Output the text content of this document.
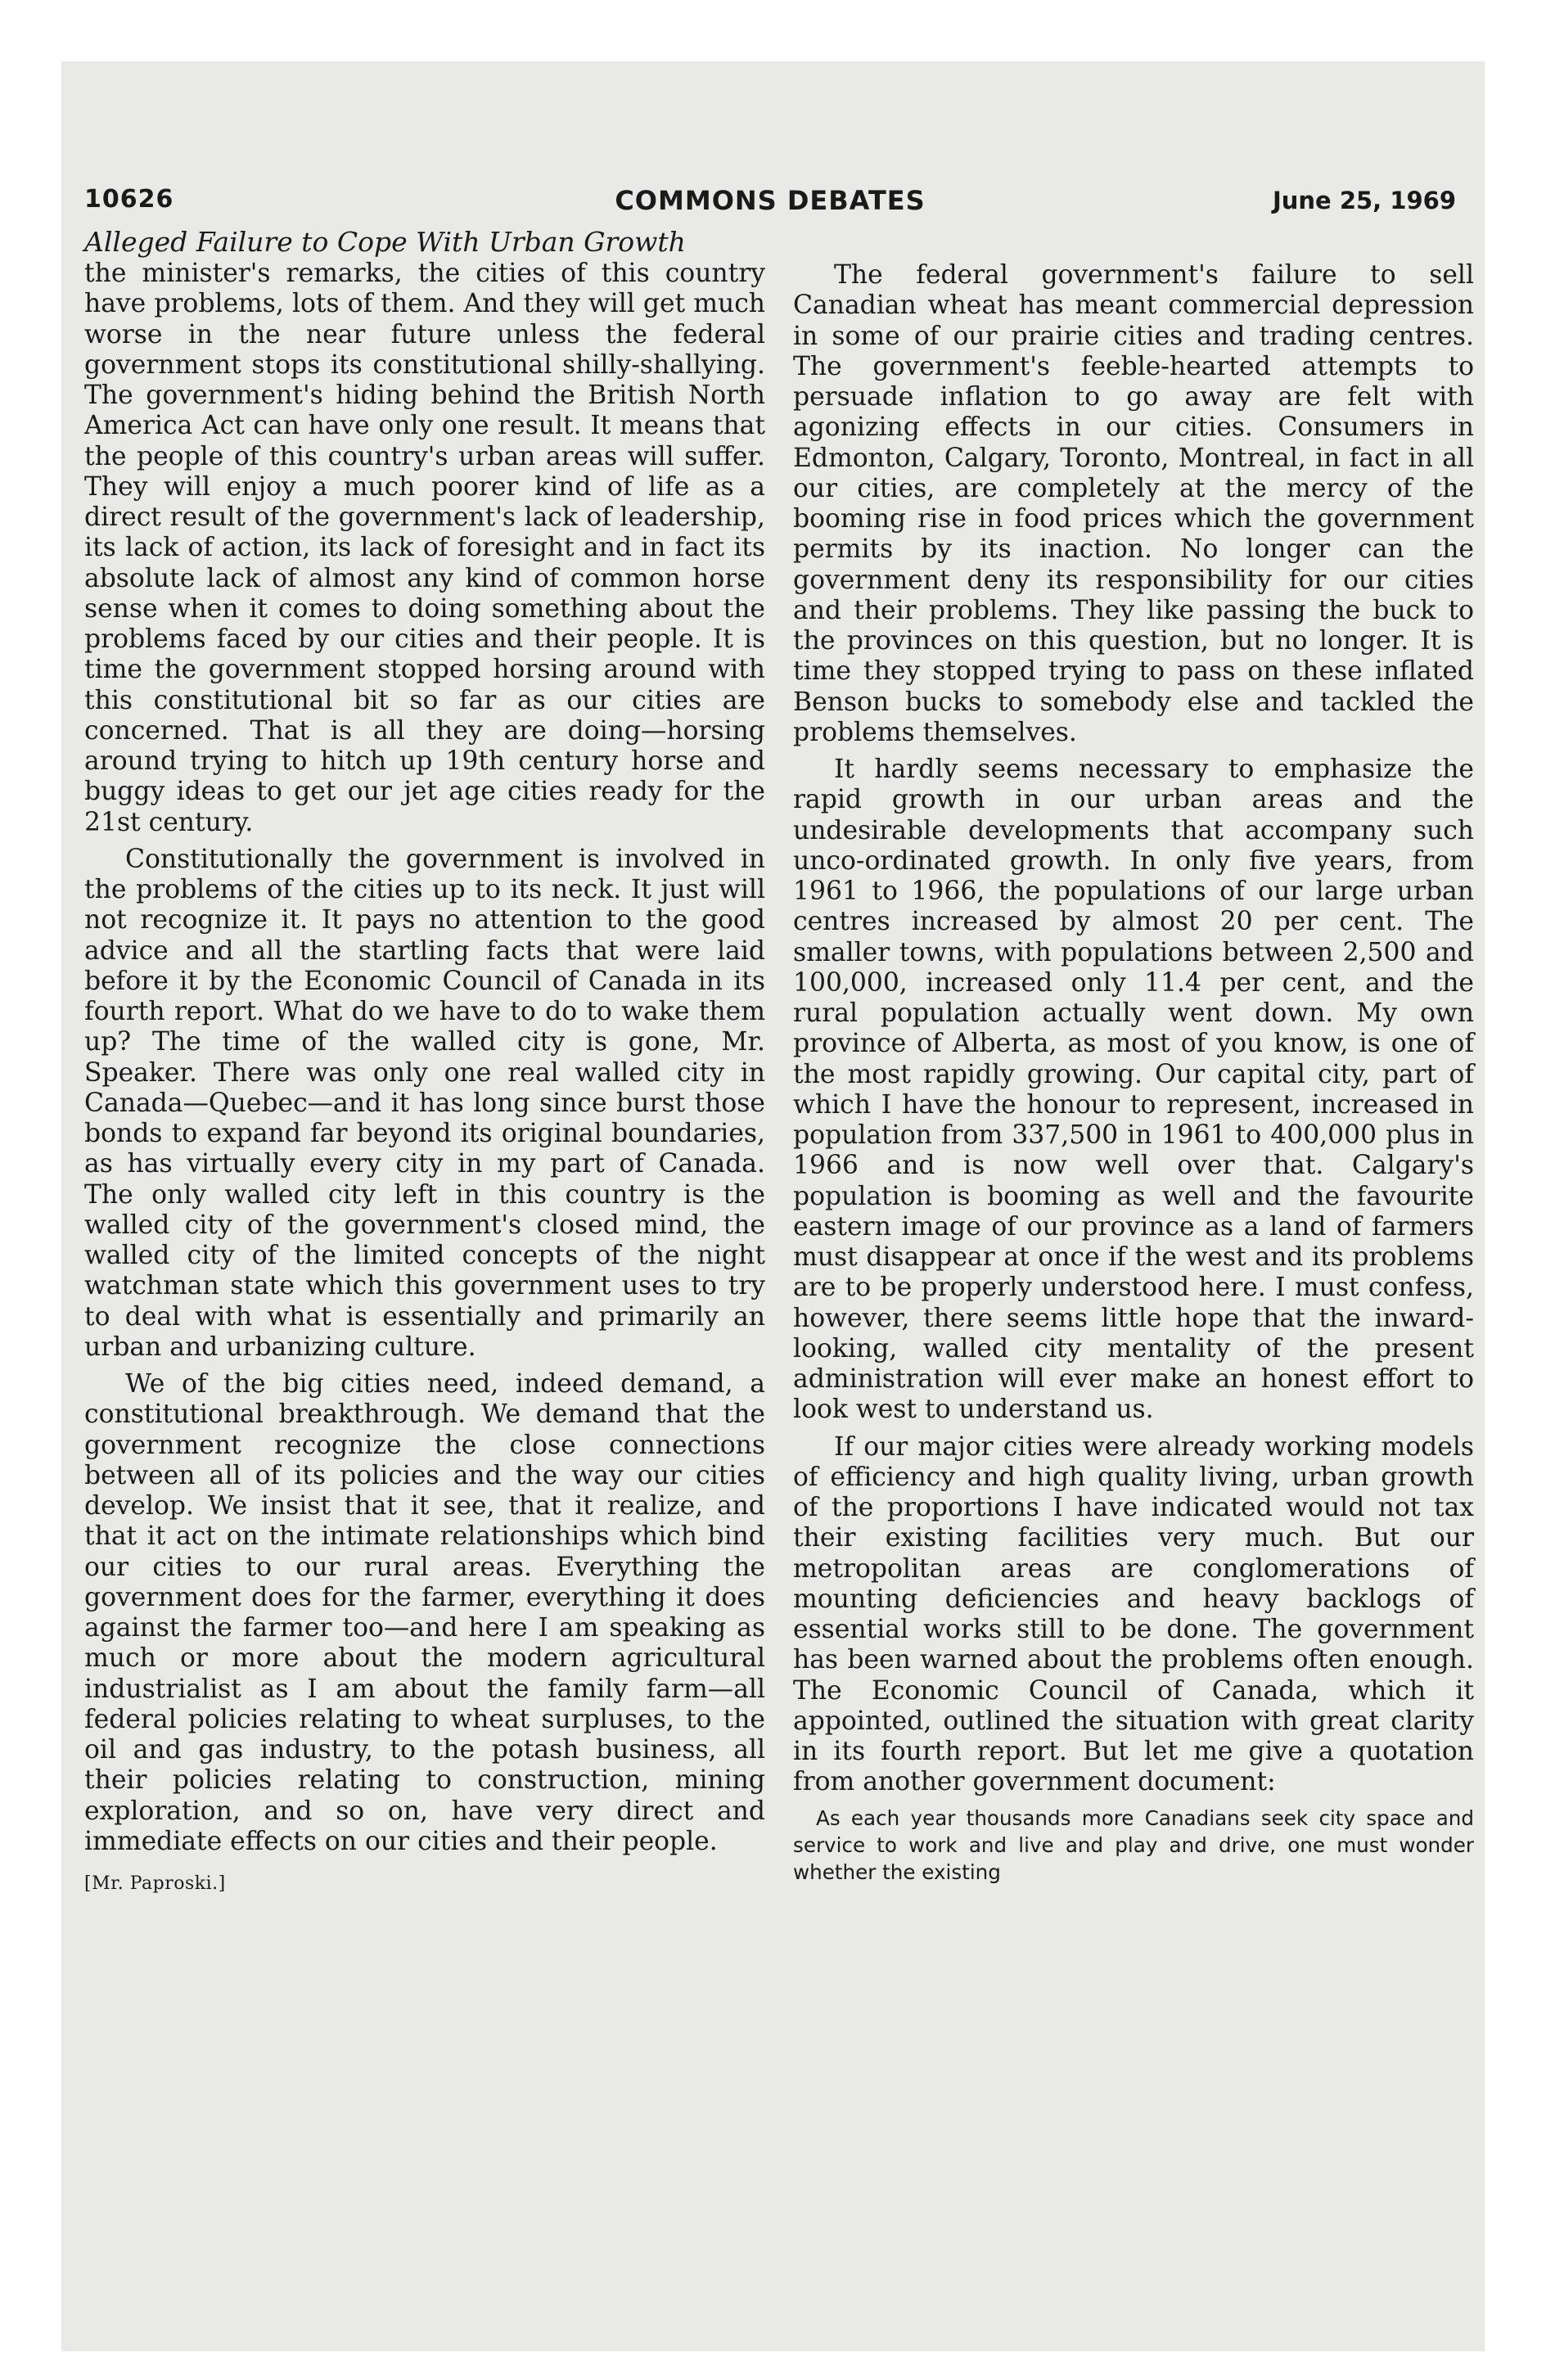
10626	COMMONS DEBATES	June 25, 1969
Alleged Failure to Cope With Urban Growth

the minister's remarks, the cities of this country have problems, lots of them. And they will get much worse in the near future unless the federal government stops its constitutional shilly-shallying. The government's hiding behind the British North America Act can have only one result. It means that the people of this country's urban areas will suffer. They will enjoy a much poorer kind of life as a direct result of the government's lack of leadership, its lack of action, its lack of foresight and in fact its absolute lack of almost any kind of common horse sense when it comes to doing something about the problems faced by our cities and their people. It is time the government stopped horsing around with this constitutional bit so far as our cities are concerned. That is all they are doing—horsing around trying to hitch up 19th century horse and buggy ideas to get our jet age cities ready for the 21st century.

Constitutionally the government is involved in the problems of the cities up to its neck. It just will not recognize it. It pays no attention to the good advice and all the startling facts that were laid before it by the Economic Council of Canada in its fourth report. What do we have to do to wake them up? The time of the walled city is gone, Mr. Speaker. There was only one real walled city in Canada—Quebec—and it has long since burst those bonds to expand far beyond its original boundaries, as has virtually every city in my part of Canada. The only walled city left in this country is the walled city of the government's closed mind, the walled city of the limited concepts of the night watchman state which this government uses to try to deal with what is essentially and primarily an urban and urbanizing culture.

We of the big cities need, indeed demand, a constitutional breakthrough. We demand that the government recognize the close connections between all of its policies and the way our cities develop. We insist that it see, that it realize, and that it act on the intimate relationships which bind our cities to our rural areas. Everything the government does for the farmer, everything it does against the farmer too—and here I am speaking as much or more about the modern agricultural industrialist as I am about the family farm—all federal policies relating to wheat surpluses, to the oil and gas industry, to the potash business, all their policies relating to construction, mining exploration, and so on, have very direct and immediate effects on our cities and their people.

[Mr. Paproski.]

The federal government's failure to sell Canadian wheat has meant commercial depression in some of our prairie cities and trading centres. The government's feeble-hearted attempts to persuade inflation to go away are felt with agonizing effects in our cities. Consumers in Edmonton, Calgary, Toronto, Montreal, in fact in all our cities, are completely at the mercy of the booming rise in food prices which the government permits by its inaction. No longer can the government deny its responsibility for our cities and their problems. They like passing the buck to the provinces on this question, but no longer. It is time they stopped trying to pass on these inflated Benson bucks to somebody else and tackled the problems themselves.

It hardly seems necessary to emphasize the rapid growth in our urban areas and the undesirable developments that accompany such unco-ordinated growth. In only five years, from 1961 to 1966, the populations of our large urban centres increased by almost 20 per cent. The smaller towns, with populations between 2,500 and 100,000, increased only 11.4 per cent, and the rural population actually went down. My own province of Alberta, as most of you know, is one of the most rapidly growing. Our capital city, part of which I have the honour to represent, increased in population from 337,500 in 1961 to 400,000 plus in 1966 and is now well over that. Calgary's population is booming as well and the favourite eastern image of our province as a land of farmers must disappear at once if the west and its problems are to be properly understood here. I must confess, however, there seems little hope that the inward-looking, walled city mentality of the present administration will ever make an honest effort to look west to understand us.

If our major cities were already working models of efficiency and high quality living, urban growth of the proportions I have indicated would not tax their existing facilities very much. But our metropolitan areas are conglomerations of mounting deficiencies and heavy backlogs of essential works still to be done. The government has been warned about the problems often enough. The Economic Council of Canada, which it appointed, outlined the situation with great clarity in its fourth report. But let me give a quotation from another government document:

As each year thousands more Canadians seek city space and service to work and live and play and drive, one must wonder whether the existing
